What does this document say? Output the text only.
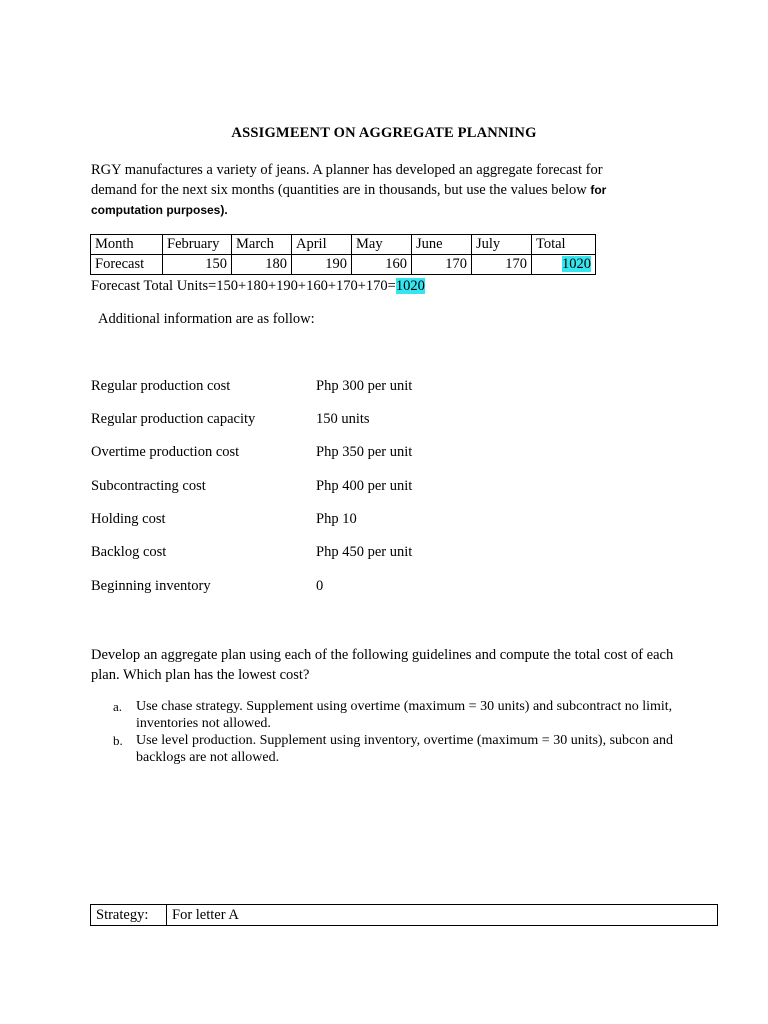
ASSIGMEENT ON AGGREGATE PLANNING
RGY manufactures a variety of jeans. A planner has developed an aggregate forecast for demand for the next six months (quantities are in thousands, but use the values below for computation purposes).
Month	February	March	April	May	June	July	Total
Forecast	150	180	190	160	170	170	1020
Forecast Total Units=150+180+190+160+170+170=1020
Additional information are as follow:
Regular production cost	Php 300 per unit
Regular production capacity	150 units
Overtime production cost	Php 350 per unit
Subcontracting cost	Php 400 per unit
Holding cost	Php 10
Backlog cost	Php 450 per unit
Beginning inventory	0
Develop an aggregate plan using each of the following guidelines and compute the total cost of each plan. Which plan has the lowest cost?
a. Use chase strategy. Supplement using overtime (maximum = 30 units) and subcontract no limit, inventories not allowed.
b. Use level production. Supplement using inventory, overtime (maximum = 30 units), subcon and backlogs are not allowed.
Strategy:	For letter A
